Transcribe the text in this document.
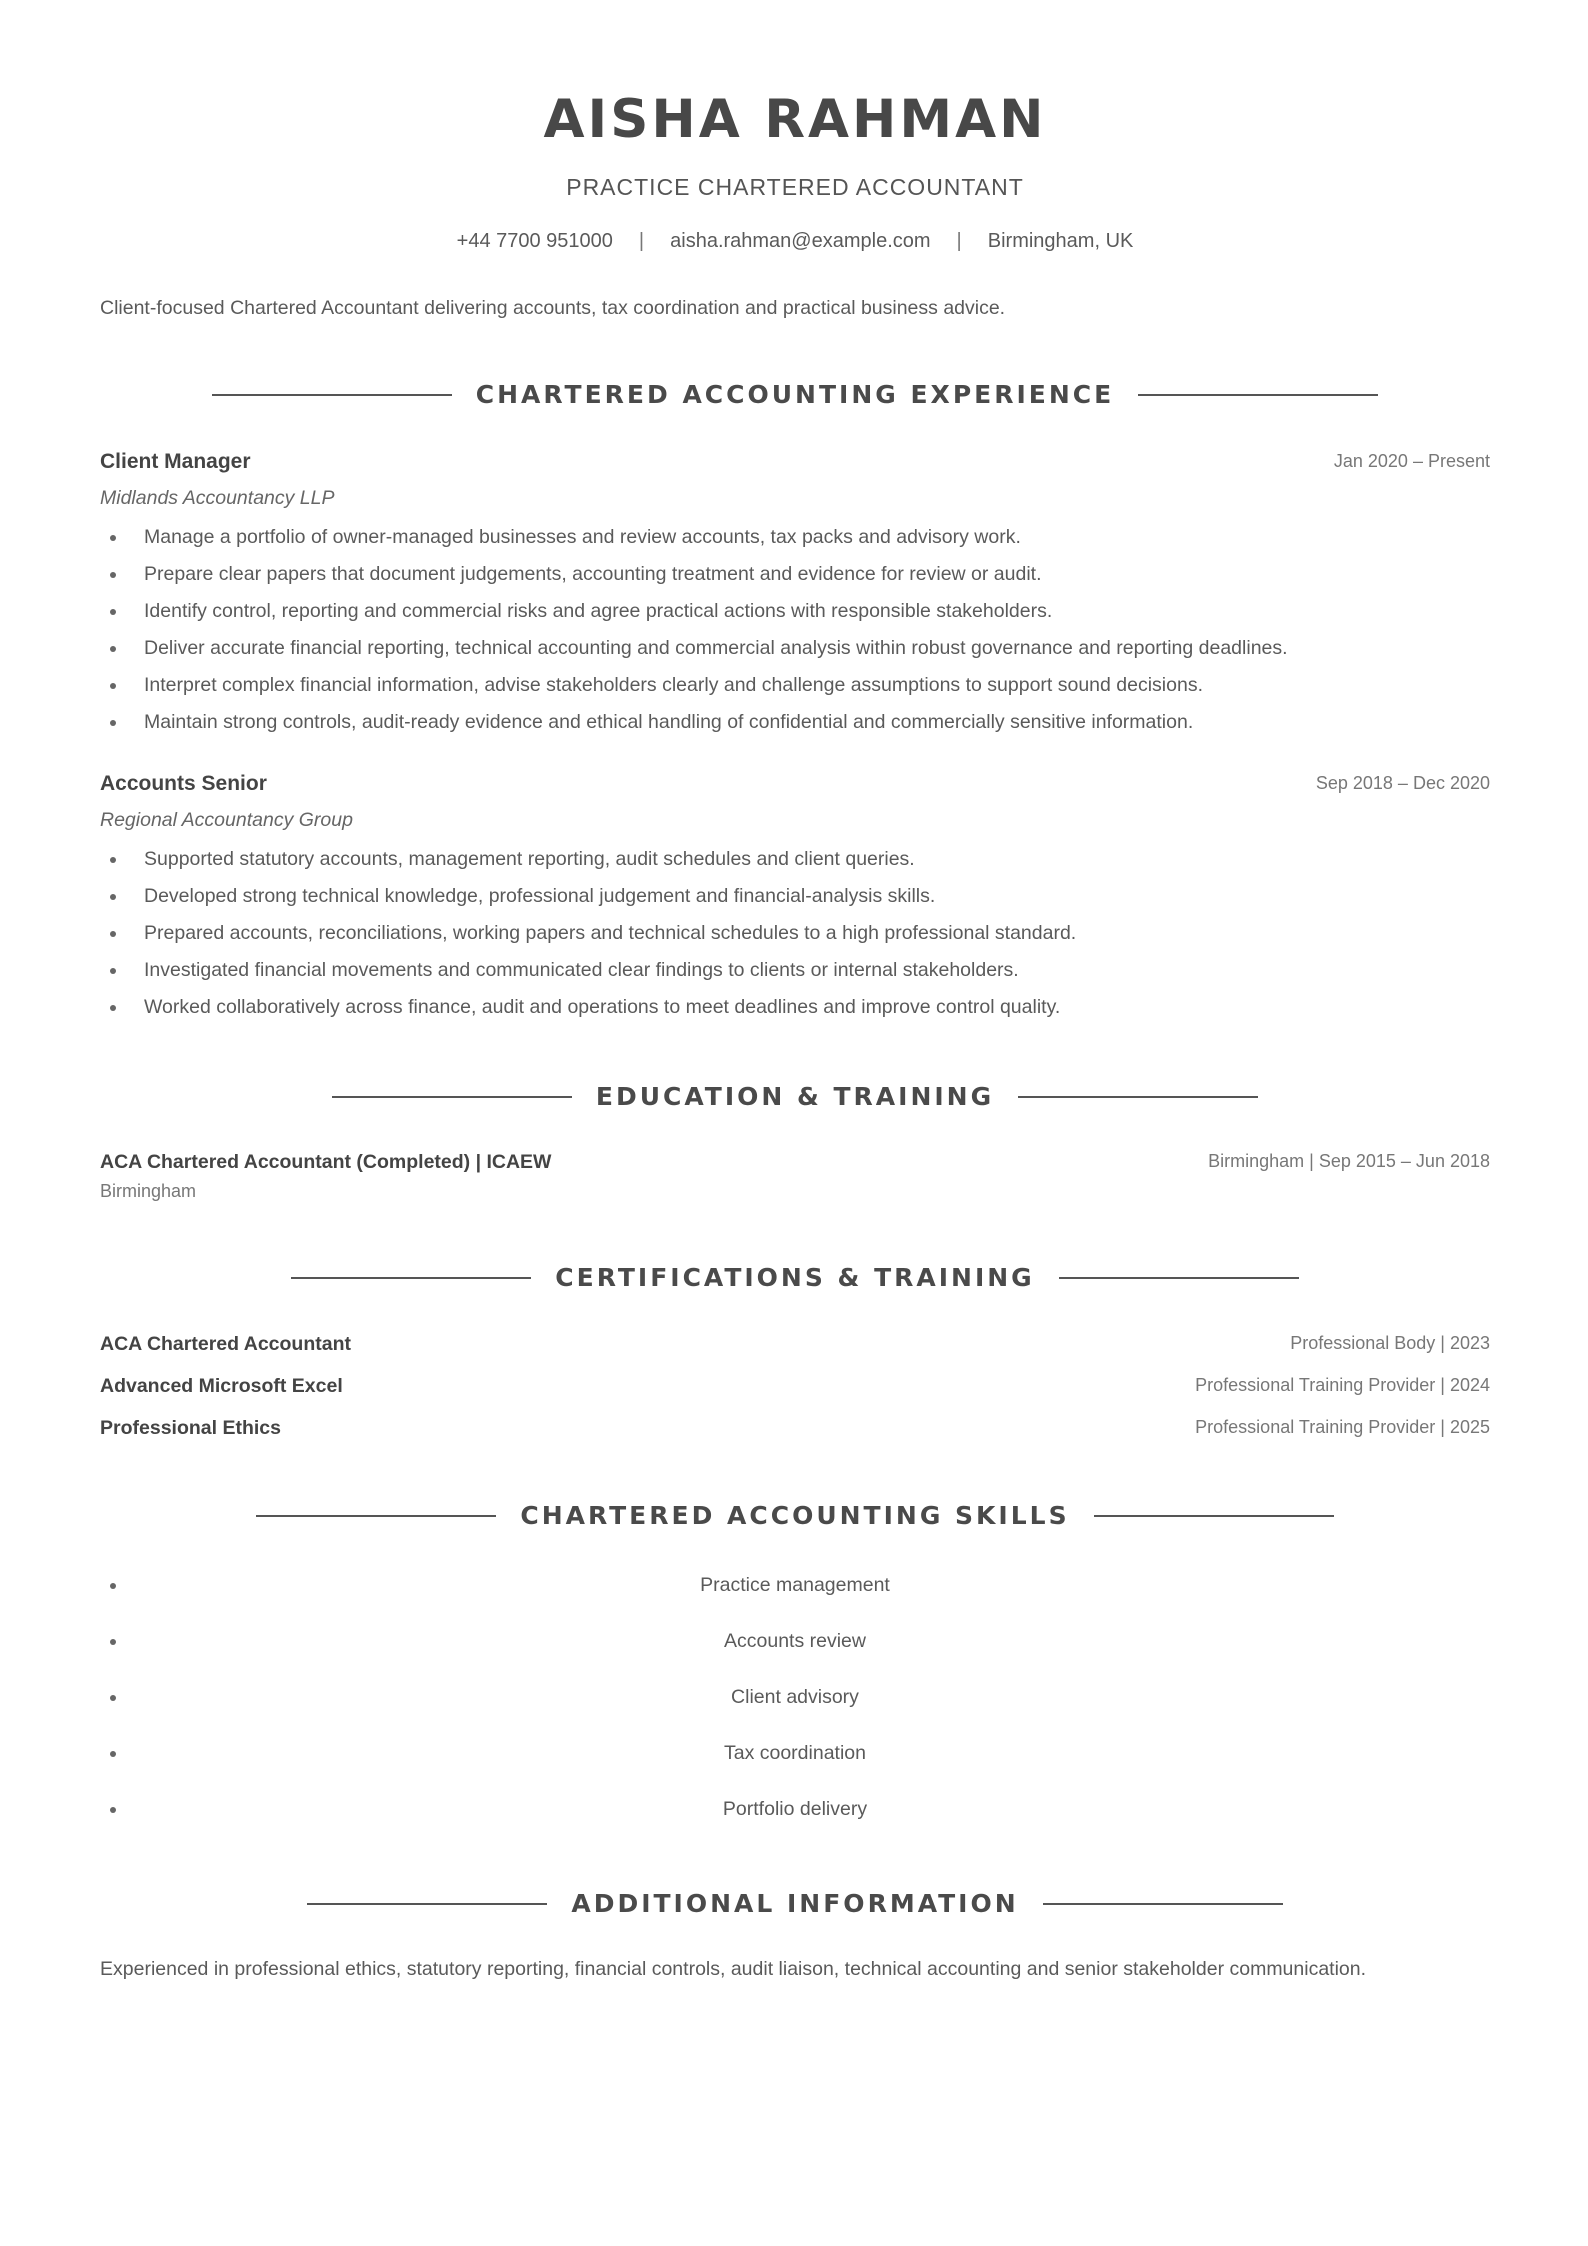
AISHA RAHMAN
PRACTICE CHARTERED ACCOUNTANT
+44 7700 951000 | aisha.rahman@example.com | Birmingham, UK
Client-focused Chartered Accountant delivering accounts, tax coordination and practical business advice.
CHARTERED ACCOUNTING EXPERIENCE
Client Manager	Jan 2020 – Present
Midlands Accountancy LLP
Manage a portfolio of owner-managed businesses and review accounts, tax packs and advisory work.
Prepare clear papers that document judgements, accounting treatment and evidence for review or audit.
Identify control, reporting and commercial risks and agree practical actions with responsible stakeholders.
Deliver accurate financial reporting, technical accounting and commercial analysis within robust governance and reporting deadlines.
Interpret complex financial information, advise stakeholders clearly and challenge assumptions to support sound decisions.
Maintain strong controls, audit-ready evidence and ethical handling of confidential and commercially sensitive information.
Accounts Senior	Sep 2018 – Dec 2020
Regional Accountancy Group
Supported statutory accounts, management reporting, audit schedules and client queries.
Developed strong technical knowledge, professional judgement and financial-analysis skills.
Prepared accounts, reconciliations, working papers and technical schedules to a high professional standard.
Investigated financial movements and communicated clear findings to clients or internal stakeholders.
Worked collaboratively across finance, audit and operations to meet deadlines and improve control quality.
EDUCATION & TRAINING
ACA Chartered Accountant (Completed) | ICAEW	Birmingham | Sep 2015 – Jun 2018
Birmingham
CERTIFICATIONS & TRAINING
ACA Chartered Accountant	Professional Body | 2023
Advanced Microsoft Excel	Professional Training Provider | 2024
Professional Ethics	Professional Training Provider | 2025
CHARTERED ACCOUNTING SKILLS
Practice management
Accounts review
Client advisory
Tax coordination
Portfolio delivery
ADDITIONAL INFORMATION
Experienced in professional ethics, statutory reporting, financial controls, audit liaison, technical accounting and senior stakeholder communication.
